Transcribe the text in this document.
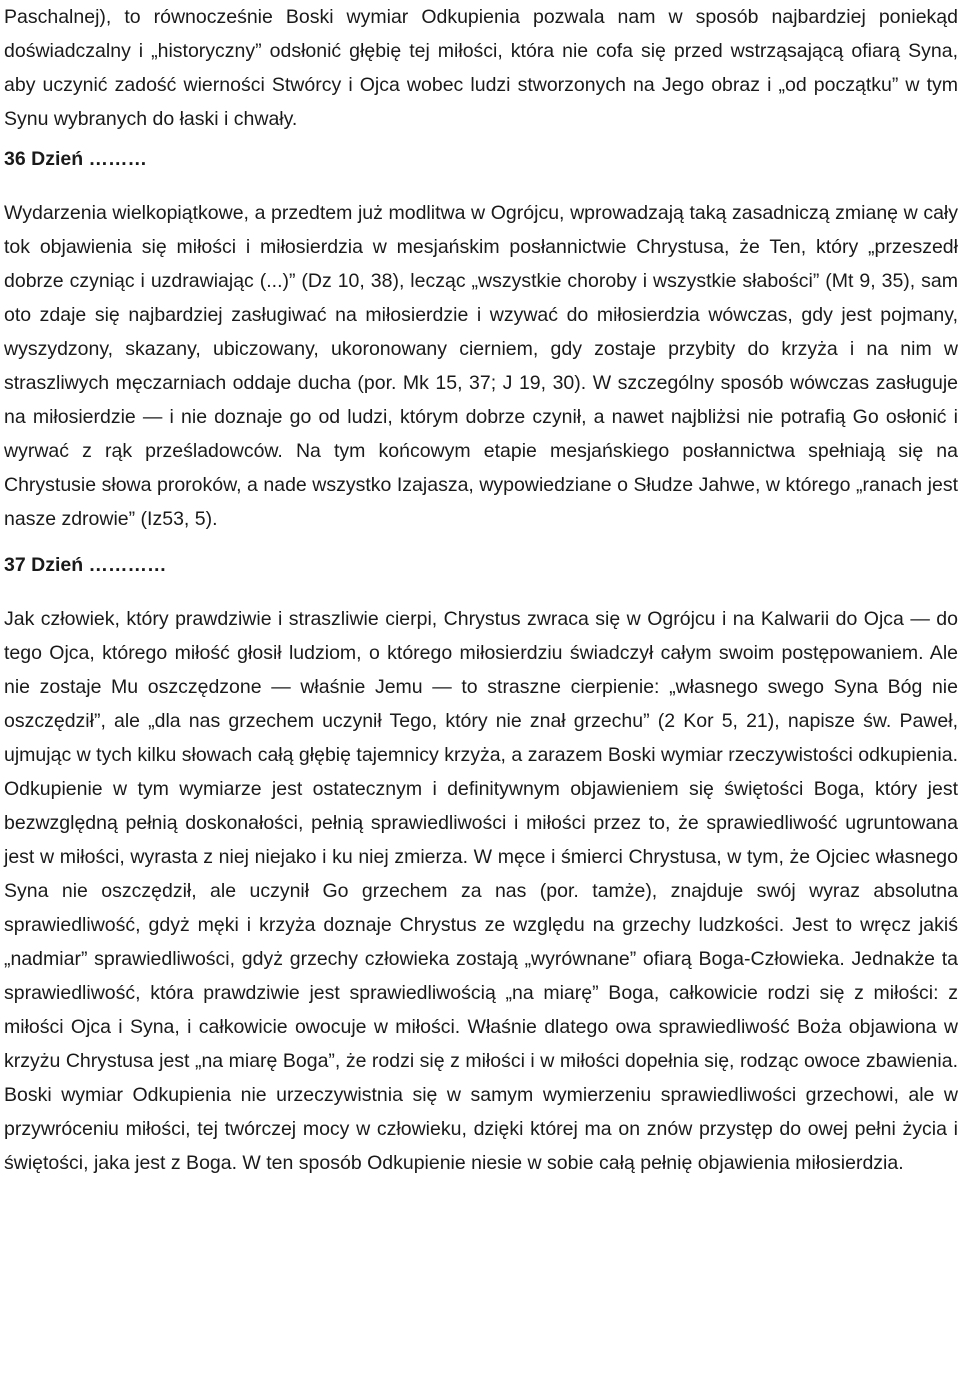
Paschalnej), to równocześnie Boski wymiar Odkupienia pozwala nam w sposób najbardziej poniekąd doświadczalny i „historyczny” odsłonić głębię tej miłości, która nie cofa się przed wstrząsającą ofiarą Syna, aby uczynić zadość wierności Stwórcy i Ojca wobec ludzi stworzonych na Jego obraz i „od początku” w tym Synu wybranych do łaski i chwały.

36 Dzień ………

Wydarzenia wielkopiątkowe, a przedtem już modlitwa w Ogrójcu, wprowadzają taką zasadniczą zmianę w cały tok objawienia się miłości i miłosierdzia w mesjańskim posłannictwie Chrystusa, że Ten, który „przeszedł dobrze czyniąc i uzdrawiając (...)” (Dz 10, 38), lecząc „wszystkie choroby i wszystkie słabości” (Mt 9, 35), sam oto zdaje się najbardziej zasługiwać na miłosierdzie i wzywać do miłosierdzia wówczas, gdy jest pojmany, wyszydzony, skazany, ubiczowany, ukoronowany cierniem, gdy zostaje przybity do krzyża i na nim w straszliwych męczarniach oddaje ducha (por. Mk 15, 37; J 19, 30). W szczególny sposób wówczas zasługuje na miłosierdzie — i nie doznaje go od ludzi, którym dobrze czynił, a nawet najbliżsi nie potrafią Go osłonić i wyrwać z rąk prześladowców. Na tym końcowym etapie mesjańskiego posłannictwa spełniają się na Chrystusie słowa proroków, a nade wszystko Izajasza, wypowiedziane o Słudze Jahwe, w którego „ranach jest nasze zdrowie” (Iz53, 5).

37 Dzień …………

Jak człowiek, który prawdziwie i straszliwie cierpi, Chrystus zwraca się w Ogrójcu i na Kalwarii do Ojca — do tego Ojca, którego miłość głosił ludziom, o którego miłosierdziu świadczył całym swoim postępowaniem. Ale nie zostaje Mu oszczędzone — właśnie Jemu — to straszne cierpienie: „własnego swego Syna Bóg nie oszczędził”, ale „dla nas grzechem uczynił Tego, który nie znał grzechu” (2 Kor 5, 21), napisze św. Paweł, ujmując w tych kilku słowach całą głębię tajemnicy krzyża, a zarazem Boski wymiar rzeczywistości odkupienia. Odkupienie w tym wymiarze jest ostatecznym i definitywnym objawieniem się świętości Boga, który jest bezwzględną pełnią doskonałości, pełnią sprawiedliwości i miłości przez to, że sprawiedliwość ugruntowana jest w miłości, wyrasta z niej niejako i ku niej zmierza. W męce i śmierci Chrystusa, w tym, że Ojciec własnego Syna nie oszczędził, ale uczynił Go grzechem za nas (por. tamże), znajduje swój wyraz absolutna sprawiedliwość, gdyż męki i krzyża doznaje Chrystus ze względu na grzechy ludzkości. Jest to wręcz jakiś „nadmiar” sprawiedliwości, gdyż grzechy człowieka zostają „wyrównane” ofiarą Boga-Człowieka. Jednakże ta sprawiedliwość, która prawdziwie jest sprawiedliwością „na miarę” Boga, całkowicie rodzi się z miłości: z miłości Ojca i Syna, i całkowicie owocuje w miłości. Właśnie dlatego owa sprawiedliwość Boża objawiona w krzyżu Chrystusa jest „na miarę Boga”, że rodzi się z miłości i w miłości dopełnia się, rodząc owoce zbawienia. Boski wymiar Odkupienia nie urzeczywistnia się w samym wymierzeniu sprawiedliwości grzechowi, ale w przywróceniu miłości, tej twórczej mocy w człowieku, dzięki której ma on znów przystęp do owej pełni życia i świętości, jaka jest z Boga. W ten sposób Odkupienie niesie w sobie całą pełnię objawienia miłosierdzia.
